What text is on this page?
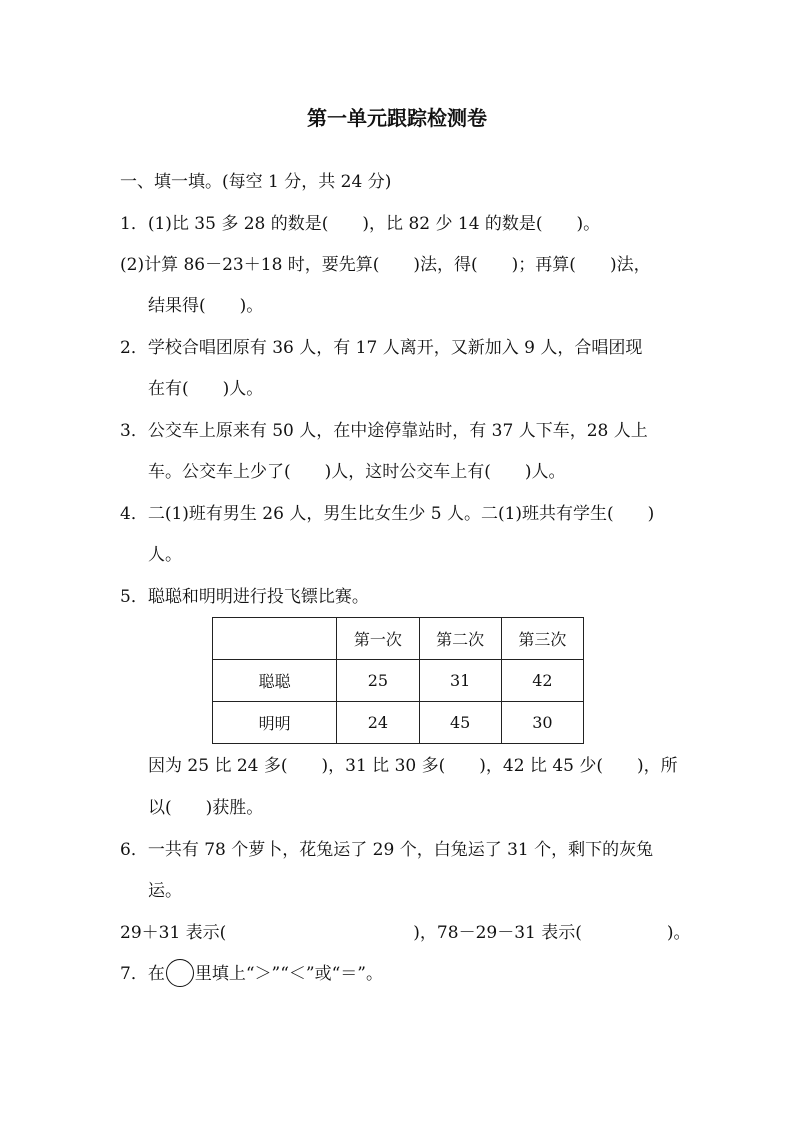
第一单元跟踪检测卷
一、填一填。(每空 1 分，共 24 分)
1．(1)比 35 多 28 的数是(　　)，比 82 少 14 的数是(　　)。
(2)计算 86－23＋18 时，要先算(　　)法，得(　　)；再算(　　)法，
结果得(　　)。
2．学校合唱团原有 36 人，有 17 人离开，又新加入 9 人，合唱团现
在有(　　)人。
3．公交车上原来有 50 人，在中途停靠站时，有 37 人下车，28 人上
车。公交车上少了(　　)人，这时公交车上有(　　)人。
4．二(1)班有男生 26 人，男生比女生少 5 人。二(1)班共有学生(　　)
人。
5．聪聪和明明进行投飞镖比赛。
	第一次	第二次	第三次
聪聪	25	31	42
明明	24	45	30
因为 25 比 24 多(　　)，31 比 30 多(　　)，42 比 45 少(　　)，所
以(　　)获胜。
6．一共有 78 个萝卜，花兔运了 29 个，白兔运了 31 个，剩下的灰兔
运。
29＋31 表示(　　　　　　　　　　　)，78－29－31 表示(　　　　　)。
7．在 里填上“＞”“＜”或“＝”。
